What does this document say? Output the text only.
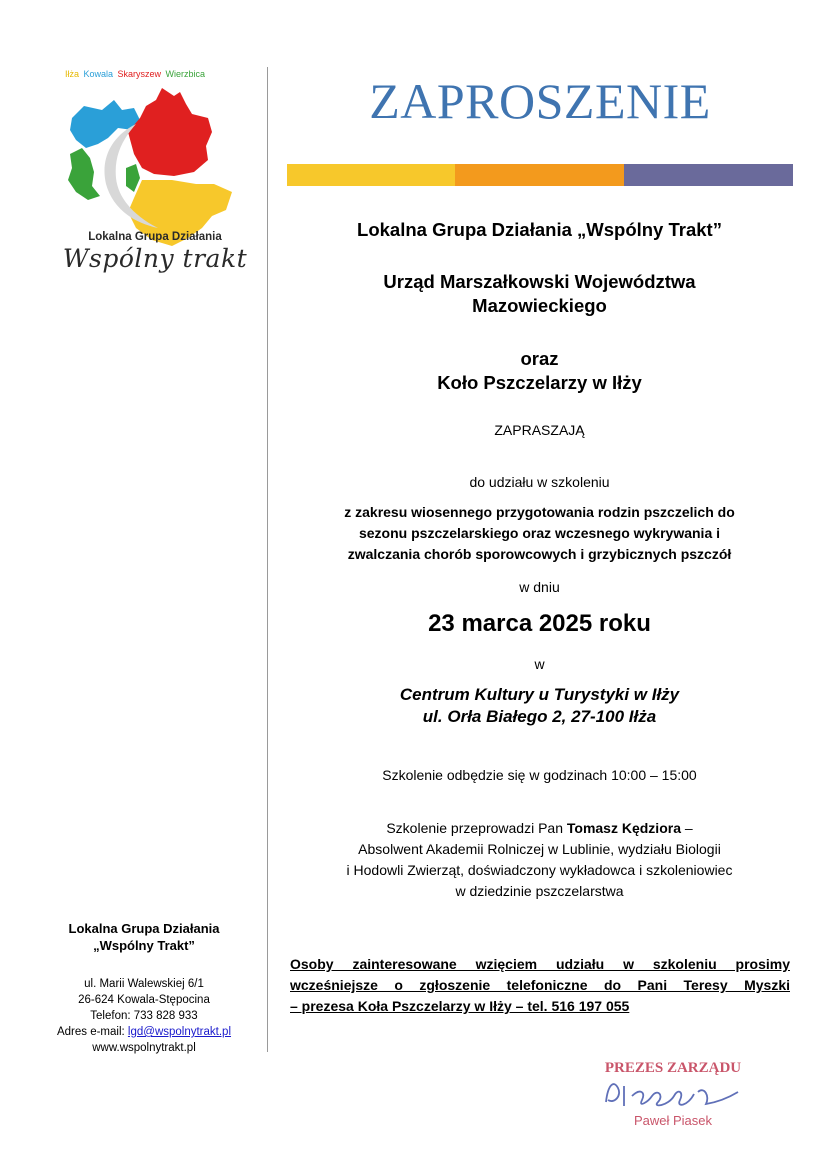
Iłża Kowala Skaryszew Wierzbica
Lokalna Grupa Działania
Wspólny trakt
Lokalna Grupa Działania
„Wspólny Trakt”
ul. Marii Walewskiej 6/1
26-624 Kowala-Stępocina
Telefon: 733 828 933
Adres e-mail: lgd@wspolnytrakt.pl
www.wspolnytrakt.pl
ZAPROSZENIE
Lokalna Grupa Działania „Wspólny Trakt”
Urząd Marszałkowski Województwa
Mazowieckiego
oraz
Koło Pszczelarzy w Iłży
ZAPRASZAJĄ
do udziału w szkoleniu
z zakresu wiosennego przygotowania rodzin pszczelich do
sezonu pszczelarskiego oraz wczesnego wykrywania i
zwalczania chorób sporowcowych i grzybicznych pszczół
w dniu
23 marca 2025 roku
w
Centrum Kultury u Turystyki w Iłży
ul. Orła Białego 2, 27-100 Iłża
Szkolenie odbędzie się w godzinach 10:00 – 15:00
Szkolenie przeprowadzi Pan Tomasz Kędziora –
Absolwent Akademii Rolniczej w Lublinie, wydziału Biologii
i Hodowli Zwierząt, doświadczony wykładowca i szkoleniowiec
w dziedzinie pszczelarstwa
Osoby zainteresowane wzięciem udziału w szkoleniu prosimy
wcześniejsze o zgłoszenie telefoniczne do Pani Teresy Myszki
– prezesa Koła Pszczelarzy w Iłży – tel. 516 197 055
PREZES ZARZĄDU
Paweł Piasek
